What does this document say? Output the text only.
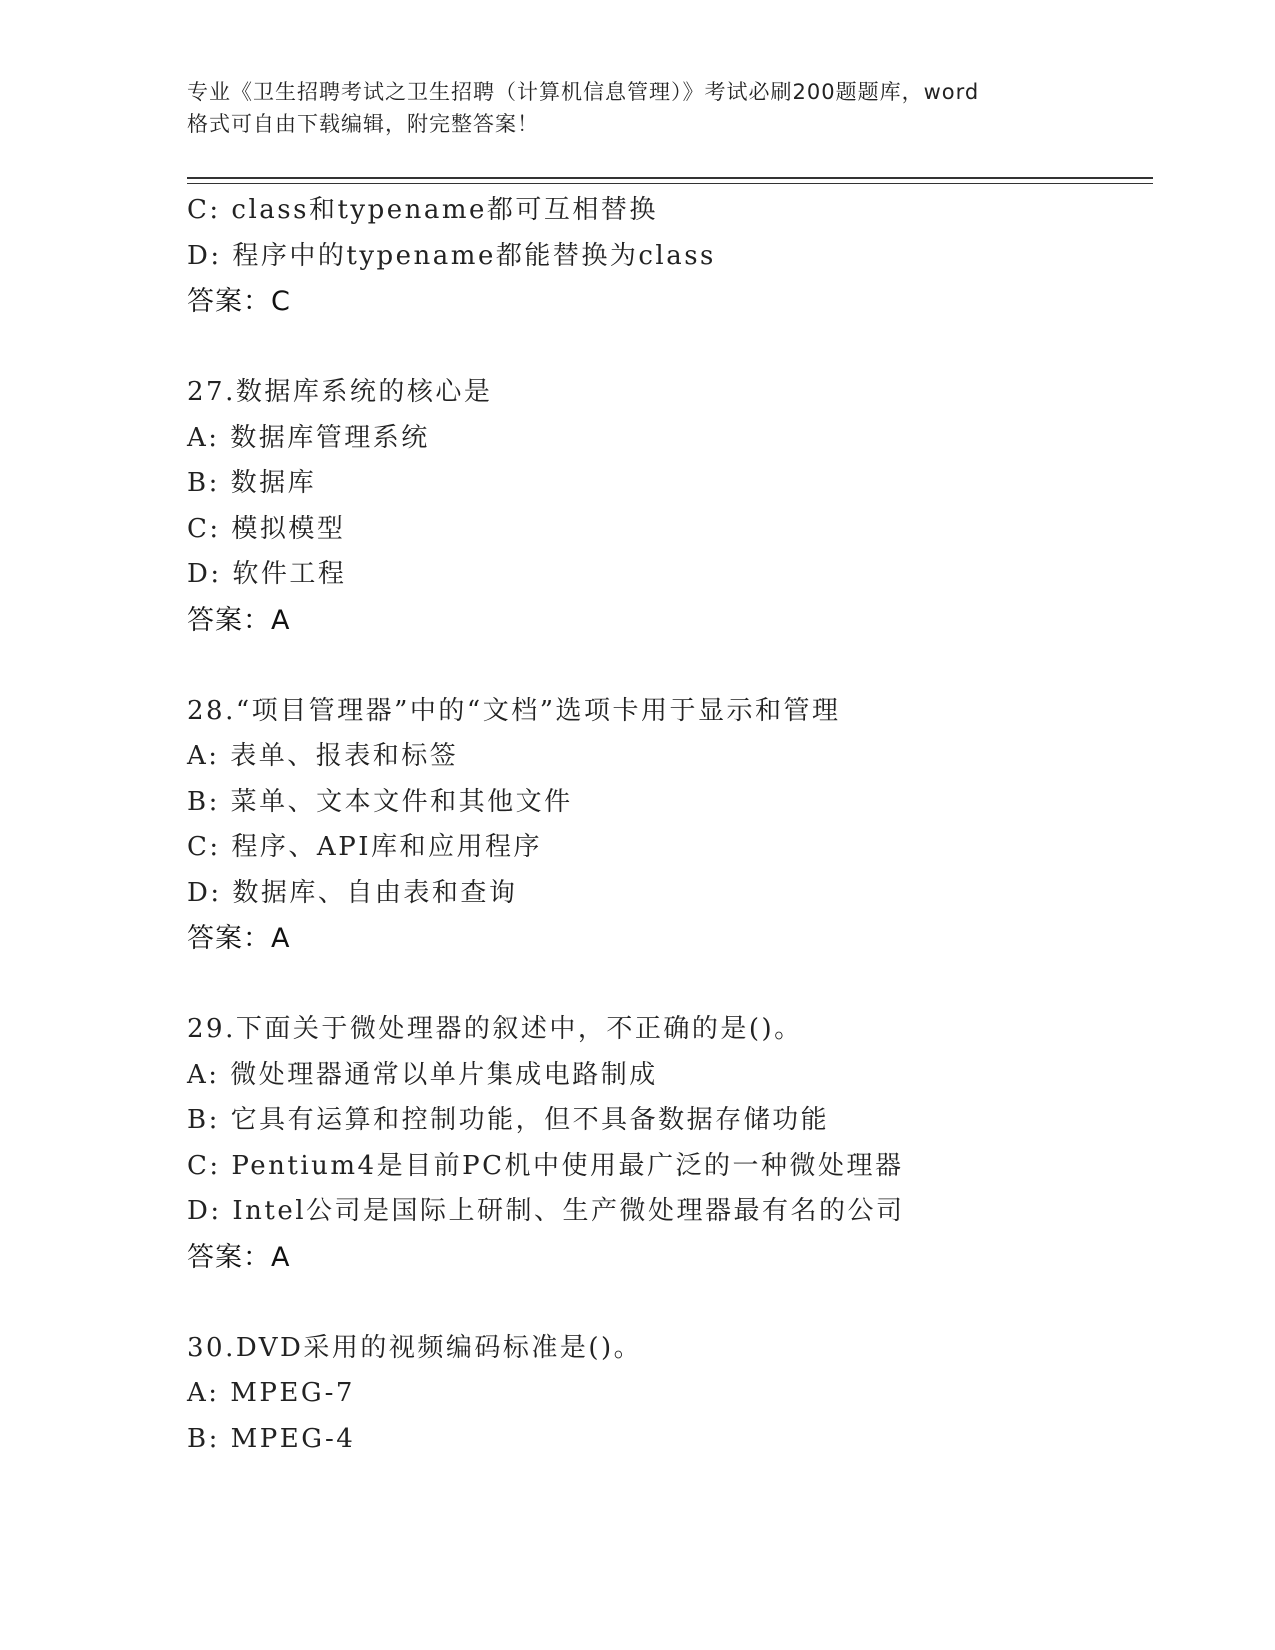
专业《卫生招聘考试之卫生招聘（计算机信息管理）》考试必刷200题题库，word
格式可自由下载编辑，附完整答案！
C: class和typename都可互相替换
D: 程序中的typename都能替换为class
答案：C
27.数据库系统的核心是
A: 数据库管理系统
B: 数据库
C: 模拟模型
D: 软件工程
答案：A
28.“项目管理器”中的“文档”选项卡用于显示和管理
A: 表单、报表和标签
B: 菜单、文本文件和其他文件
C: 程序、API库和应用程序
D: 数据库、自由表和查询
答案：A
29.下面关于微处理器的叙述中，不正确的是()。
A: 微处理器通常以单片集成电路制成
B: 它具有运算和控制功能，但不具备数据存储功能
C: Pentium4是目前PC机中使用最广泛的一种微处理器
D: Intel公司是国际上研制、生产微处理器最有名的公司
答案：A
30.DVD采用的视频编码标准是()。
A: MPEG-7
B: MPEG-4
